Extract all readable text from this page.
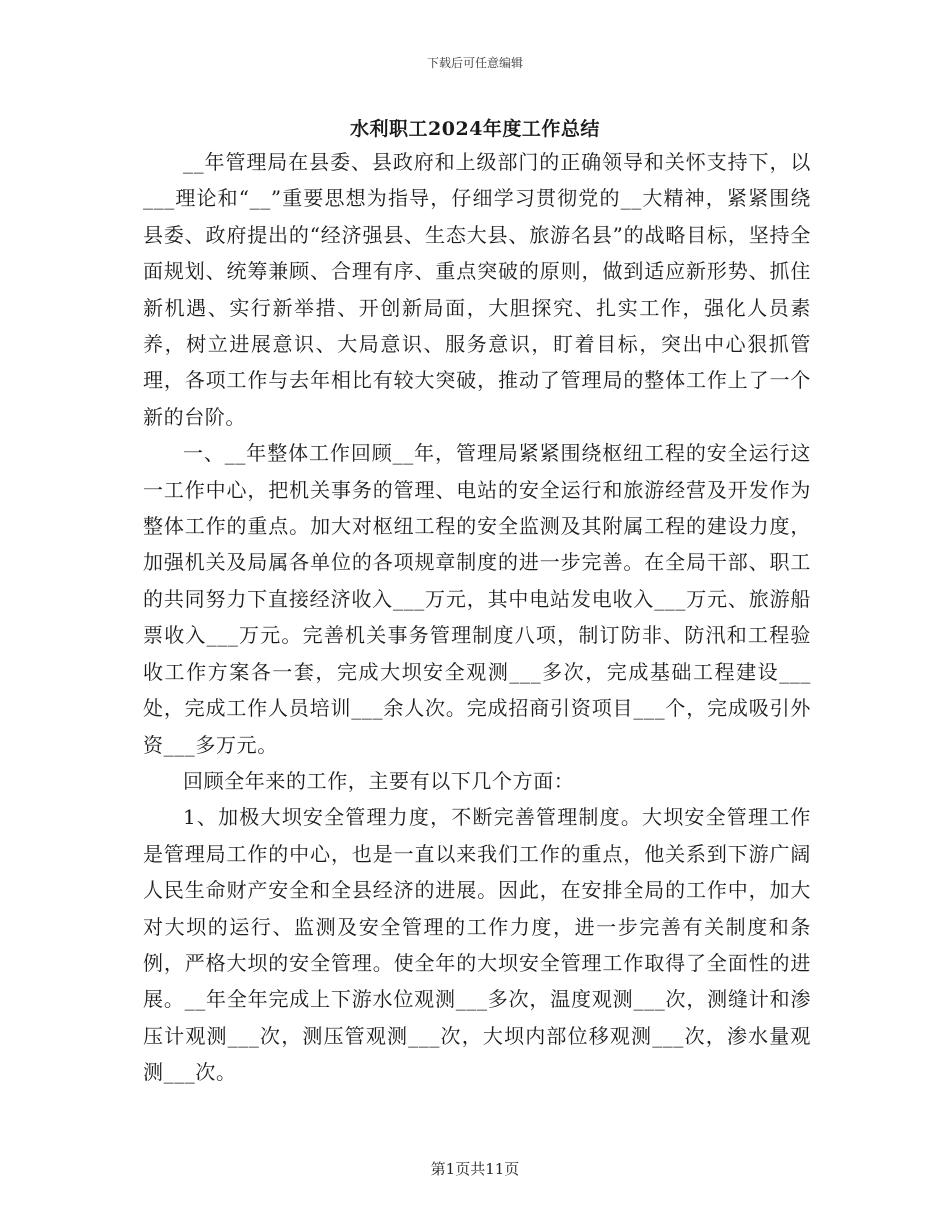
下载后可任意编辑
水利职工2024年度工作总结

__年管理局在县委、县政府和上级部门的正确领导和关怀支持下，以___理论和“__”重要思想为指导，仔细学习贯彻党的__大精神，紧紧围绕县委、政府提出的“经济强县、生态大县、旅游名县”的战略目标，坚持全面规划、统筹兼顾、合理有序、重点突破的原则，做到适应新形势、抓住新机遇、实行新举措、开创新局面，大胆探究、扎实工作，强化人员素养，树立进展意识、大局意识、服务意识，盯着目标，突出中心狠抓管理，各项工作与去年相比有较大突破，推动了管理局的整体工作上了一个新的台阶。

一、__年整体工作回顾__年，管理局紧紧围绕枢纽工程的安全运行这一工作中心，把机关事务的管理、电站的安全运行和旅游经营及开发作为整体工作的重点。加大对枢纽工程的安全监测及其附属工程的建设力度，加强机关及局属各单位的各项规章制度的进一步完善。在全局干部、职工的共同努力下直接经济收入___万元，其中电站发电收入___万元、旅游船票收入___万元。完善机关事务管理制度八项，制订防非、防汛和工程验收工作方案各一套，完成大坝安全观测___多次，完成基础工程建设___处，完成工作人员培训___余人次。完成招商引资项目___个，完成吸引外资___多万元。

回顾全年来的工作，主要有以下几个方面：

1、加极大坝安全管理力度，不断完善管理制度。大坝安全管理工作是管理局工作的中心，也是一直以来我们工作的重点，他关系到下游广阔人民生命财产安全和全县经济的进展。因此，在安排全局的工作中，加大对大坝的运行、监测及安全管理的工作力度，进一步完善有关制度和条例，严格大坝的安全管理。使全年的大坝安全管理工作取得了全面性的进展。__年全年完成上下游水位观测___多次，温度观测___次，测缝计和渗压计观测___次，测压管观测___次，大坝内部位移观测___次，渗水量观测___次。

第1页共11页
